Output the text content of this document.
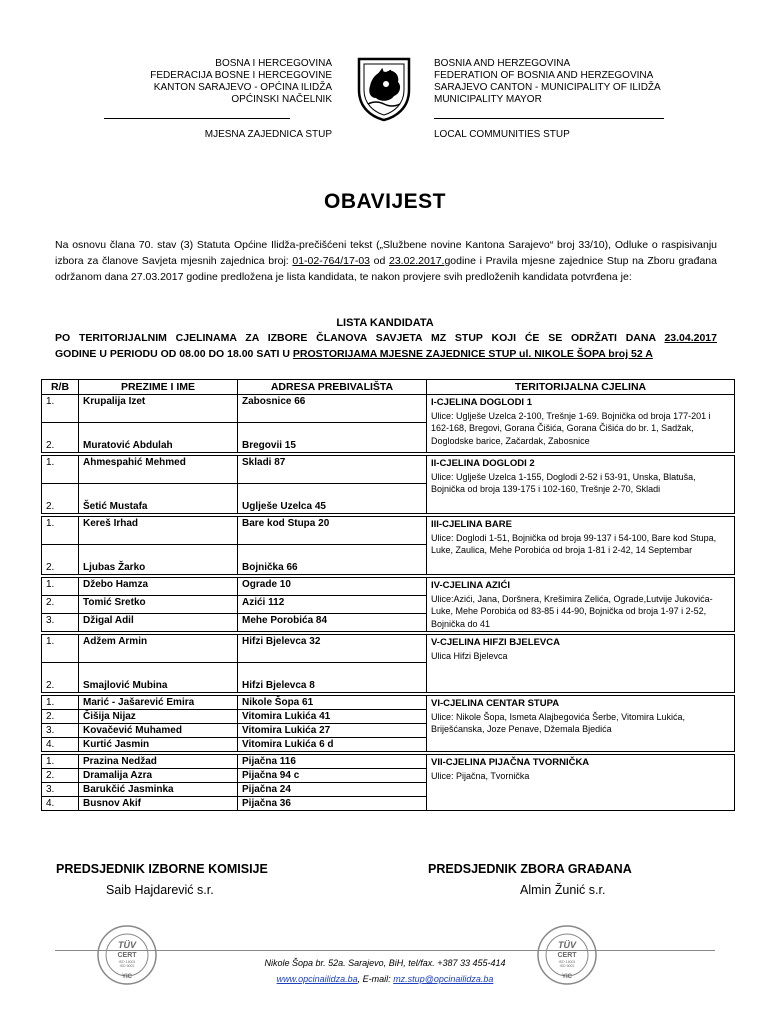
BOSNA I HERCEGOVINA
FEDERACIJA BOSNE I HERCEGOVINE
KANTON SARAJEVO - OPĆINA ILIDŽA
OPĆINSKI NAČELNIK
BOSNIA AND HERZEGOVINA
FEDERATION OF BOSNIA AND HERZEGOVINA
SARAJEVO CANTON - MUNICIPALITY OF ILIDŽA
MUNICIPALITY MAYOR
MJESNA ZAJEDNICA STUP	LOCAL COMMUNITIES STUP
OBAVIJEST
Na osnovu člana 70. stav (3) Statuta Općine Ilidža-prečišćeni tekst („Službene novine Kantona Sarajevo“ broj 33/10), Odluke o raspisivanju izbora za članove Savjeta mjesnih zajednica broj: 01-02-764/17-03 od 23.02.2017.godine i Pravila mjesne zajednice Stup na Zboru građana održanom dana 27.03.2017 godine predložena je lista kandidata, te nakon provjere svih predloženih kandidata potvrđena je:
LISTA KANDIDATA
PO TERITORIJALNIM CJELINAMA ZA IZBORE ČLANOVA SAVJETA MZ STUP KOJI ĆE SE ODRŽATI DANA 23.04.2017
GODINE U PERIODU OD 08.00 DO 18.00 SATI U PROSTORIJAMA MJESNE ZAJEDNICE STUP ul. NIKOLE ŠOPA broj 52 A
R/B	PREZIME I IME	ADRESA PREBIVALIŠTA	TERITORIJALNA CJELINA
1.	Krupalija Izet	Zabosnice 66	I-CJELINA DOGLODI 1
Ulice: Uglješe Uzelca 2-100, Trešnje 1-69. Bojnička od broja 177-201 i 162-168, Bregovi, Gorana Čišića, Gorana Čišića do br. 1, Sadžak, Doglodske barice, Začardak, Zabosnice

2.	Muratović Abdulah	Bregovii 15	

1.	Ahmespahić Mehmed	Skladi 87	II-CJELINA DOGLODI 2
Ulice: Uglješe Uzelca 1-155, Doglodi 2-52 i 53-91, Unska, Blatuša, Bojnička od broja 139-175 i 102-160, Trešnje 2-70, Skladi

2.	Šetić Mustafa	Uglješe Uzelca 45	

1.	Kereš Irhad	Bare kod Stupa 20	III-CJELINA BARE
Ulice: Doglodi 1-51, Bojnička od broja 99-137 i 54-100, Bare kod Stupa, Luke, Zaulica, Mehe Porobića od broja 1-81 i 2-42, 14 Septembar

2.	Ljubas Žarko	Bojnička 66	

1.	Džebo Hamza	Ograde 10	IV-CJELINA AZIĆI
Ulice:Azići, Jana, Doršnera, Krešimira Zelića, Ograde,Lutvije Jukovića-Luke, Mehe Porobića od 83-85 i 44-90, Bojnička od broja 1-97 i 2-52, Bojnička do 41

2.	Tomić Sretko	Azići 112	
3.	Džigal Adil	Mehe Porobića 84	

1.	Adžem Armin	Hifzi Bjelevca 32	V-CJELINA HIFZI BJELEVCA
Ulica Hifzi Bjelevca

2.	Smajlović Mubina	Hifzi Bjelevca 8	

1.	Marić - Jašarević Emira	Nikole Šopa 61	VI-CJELINA CENTAR STUPA
Ulice: Nikole Šopa, Ismeta Alajbegovića Šerbe, Vitomira Lukića, Briješćanska, Joze Penave, Džemala Bjedića

2.	Čišija Nijaz	Vitomira Lukića 41	
3.	Kovačević Muhamed	Vitomira Lukića 27	
4.	Kurtić Jasmin	Vitomira Lukića 6 d	

1.	Prazina Nedžad	Pijačna 116	VII-CJELINA PIJAČNA TVORNIČKA
Ulice: Pijačna, Tvornička

2.	Dramalija Azra	Pijačna 94 c	
3.	Barukčić Jasminka	Pijačna 24	
4.	Busnov Akif	Pijačna 36	
PREDSJEDNIK IZBORNE KOMISIJE
Saib Hajdarević s.r.
PREDSJEDNIK ZBORA GRAĐANA
Almin Žunić s.r.
TÜV
CERT
ISO 14001
ISO 9001
YIC
TÜV
CERT
ISO 14001
ISO 9001
YIC
Nikole Šopa br. 52a. Sarajevo, BiH, tel/fax. +387 33 455-414
www.opcinailidza.ba, E-mail: mz.stup@opcinailidza.ba
